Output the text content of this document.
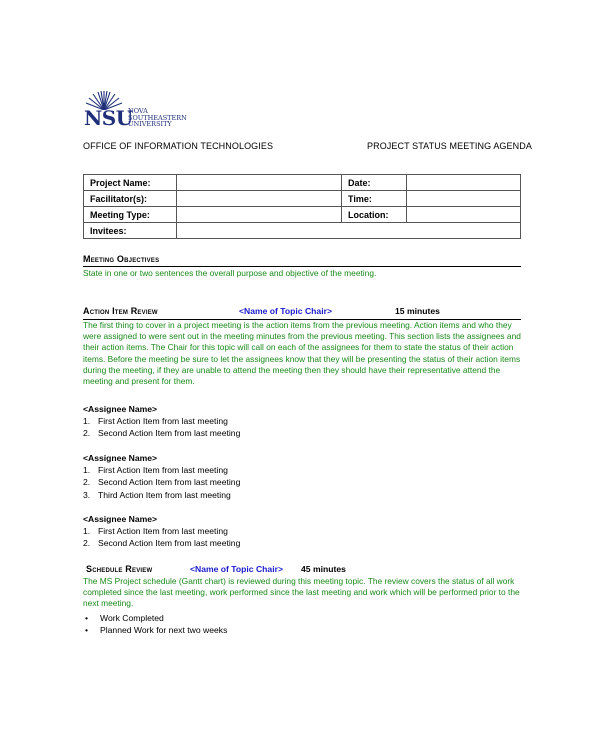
NSU
NOVA
SOUTHEASTERN
UNIVERSITY
OFFICE OF INFORMATION TECHNOLOGIES	PROJECT STATUS MEETING AGENDA
Project Name:		Date:	
Facilitator(s):		Time:	
Meeting Type:		Location:	
Invitees:			
Meeting Objectives
State in one or two sentences the overall purpose and objective of the meeting.
Action Item Review	<Name of Topic Chair>	15 minutes
The first thing to cover in a project meeting is the action items from the previous meeting. Action items and who they were assigned to were sent out in the meeting minutes from the previous meeting. This section lists the assignees and their action items. The Chair for this topic will call on each of the assignees for them to state the status of their action items. Before the meeting be sure to let the assignees know that they will be presenting the status of their action items during the meeting, if they are unable to attend the meeting then they should have their representative attend the meeting and present for them.
<Assignee Name>
1. First Action Item from last meeting
2. Second Action Item from last meeting
<Assignee Name>
1. First Action Item from last meeting
2. Second Action Item from last meeting
3. Third Action Item from last meeting
<Assignee Name>
1. First Action Item from last meeting
2. Second Action Item from last meeting
Schedule Review	<Name of Topic Chair> 45 minutes
The MS Project schedule (Gantt chart) is reviewed during this meeting topic. The review covers the status of all work completed since the last meeting, work performed since the last meeting and work which will be performed prior to the next meeting.
• Work Completed
• Planned Work for next two weeks
